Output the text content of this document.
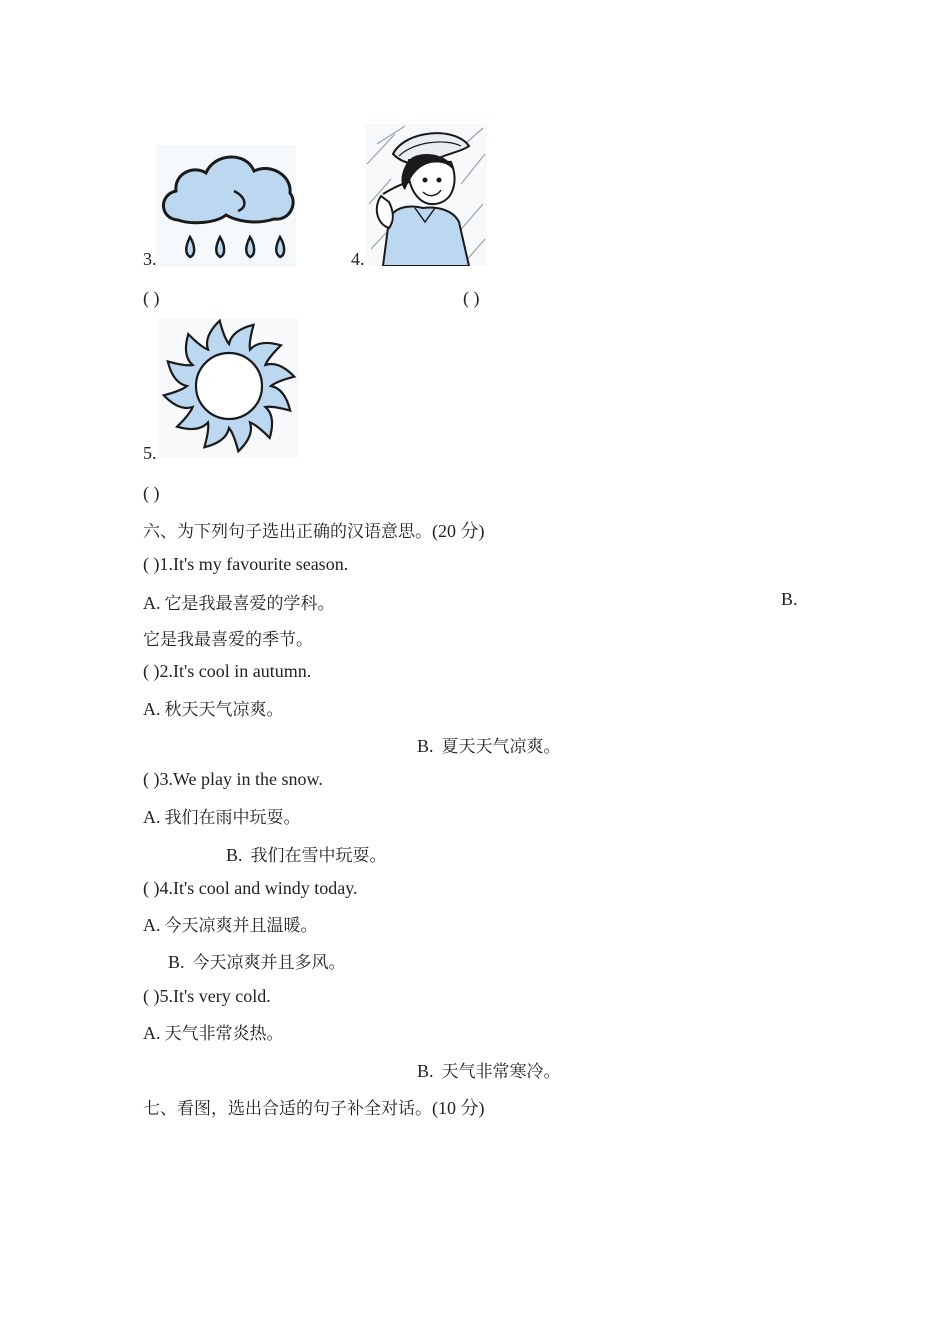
3.	4.
( )	( )
5.
( )
六、为下列句子选出正确的汉语意思。(20 分)
( )1.It's my favourite season.
A. 它是我最喜爱的学科。	B.
它是我最喜爱的季节。
( )2.It's cool in autumn.
A. 秋天天气凉爽。
B. 夏天天气凉爽。
( )3.We play in the snow.
A. 我们在雨中玩耍。
B. 我们在雪中玩耍。
( )4.It's cool and windy today.
A. 今天凉爽并且温暖。
B. 今天凉爽并且多风。
( )5.It's very cold.
A. 天气非常炎热。
B. 天气非常寒冷。
七、看图，选出合适的句子补全对话。(10 分)
